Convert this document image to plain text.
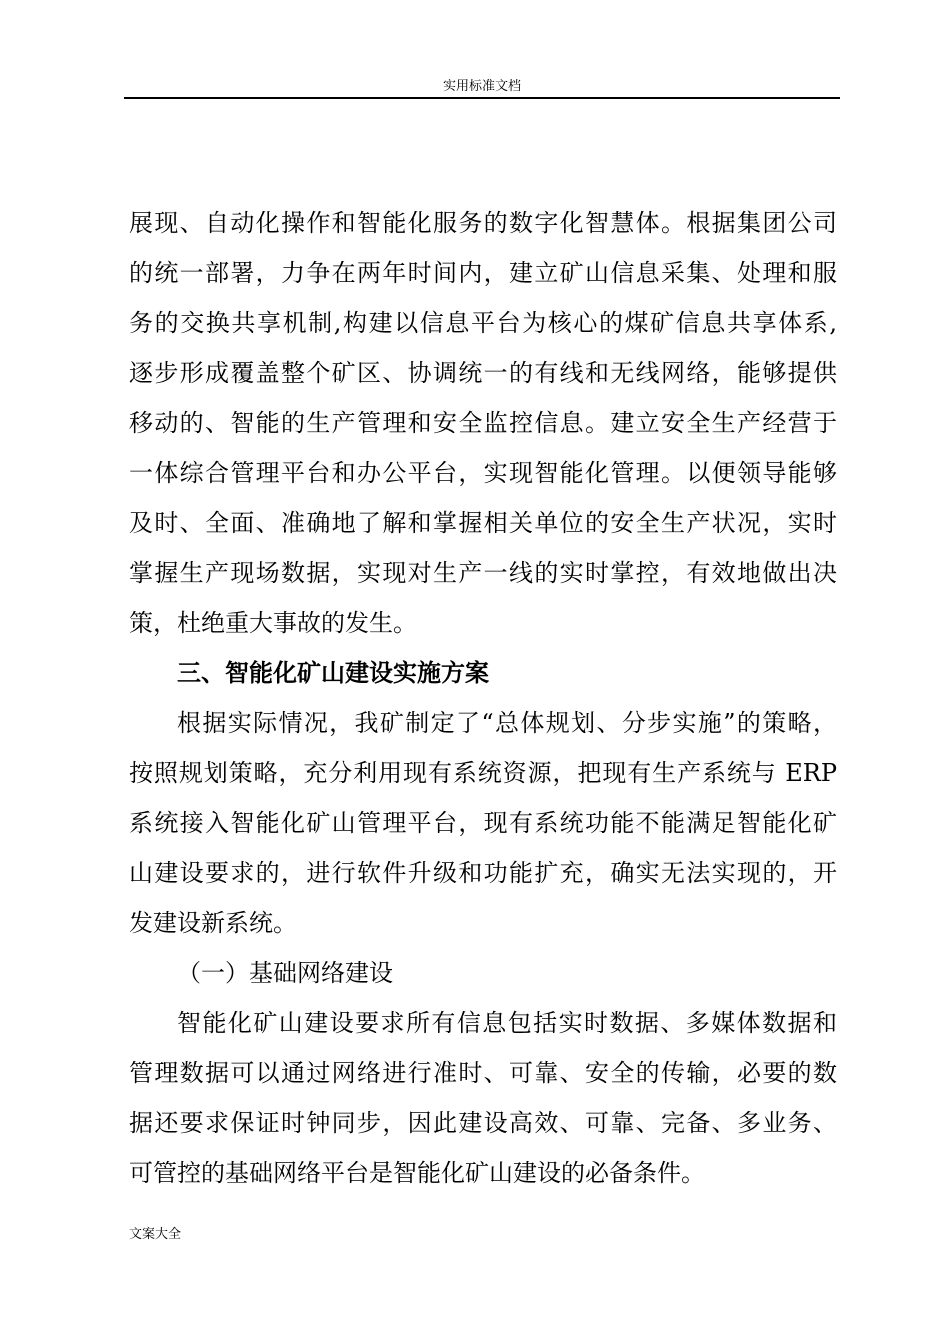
实用标准文档
展现、自动化操作和智能化服务的数字化智慧体。根据集团公司
的统一部署，力争在两年时间内，建立矿山信息采集、处理和服
务的交换共享机制,构建以信息平台为核心的煤矿信息共享体系,
逐步形成覆盖整个矿区、协调统一的有线和无线网络，能够提供
移动的、智能的生产管理和安全监控信息。建立安全生产经营于
一体综合管理平台和办公平台，实现智能化管理。以便领导能够
及时、全面、准确地了解和掌握相关单位的安全生产状况，实时
掌握生产现场数据，实现对生产一线的实时掌控，有效地做出决
策，杜绝重大事故的发生。
三、智能化矿山建设实施方案
根据实际情况，我矿制定了“总体规划、分步实施”的策略，
按照规划策略，充分利用现有系统资源，把现有生产系统与 ERP
系统接入智能化矿山管理平台，现有系统功能不能满足智能化矿
山建设要求的，进行软件升级和功能扩充，确实无法实现的，开
发建设新系统。
（一）基础网络建设
智能化矿山建设要求所有信息包括实时数据、多媒体数据和
管理数据可以通过网络进行准时、可靠、安全的传输，必要的数
据还要求保证时钟同步，因此建设高效、可靠、完备、多业务、
可管控的基础网络平台是智能化矿山建设的必备条件。
文案大全
